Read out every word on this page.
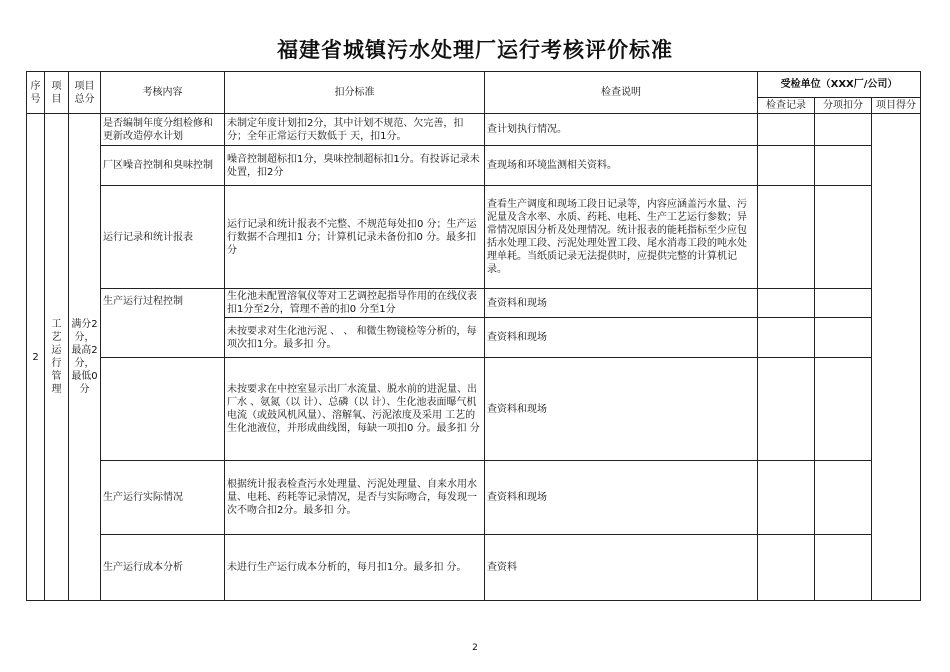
福建省城镇污水处理厂运行考核评价标准
序号	项目	项目总分	考核内容	扣分标准	检查说明	受检单位（XXX厂/公司）		
						检查记录	分项扣分	项目得分
2	工艺运行管理	满分2分，最高2分，最低0分	是否编制年度分组检修和更新改造停水计划	未制定年度计划扣2分，其中计划不规范、欠完善，扣分；全年正常运行天数低于 天，扣1分。	查计划执行情况。			
			厂区噪音控制和臭味控制	噪音控制超标扣1分，臭味控制超标扣1分。有投诉记录未处置，扣2分	查现场和环境监测相关资料。			
			运行记录和统计报表	运行记录和统计报表不完整、不规范每处扣0 分；生产运行数据不合理扣1 分；计算机记录未备份扣0 分。最多扣 分	查看生产调度和现场工段日记录等，内容应涵盖污水量、污泥量及含水率、水质、药耗、电耗、生产工艺运行参数；异常情况原因分析及处理情况。统计报表的能耗指标至少应包括水处理工段、污泥处理处置工段、尾水消毒工段的吨水处理单耗。当纸质记录无法提供时，应提供完整的计算机记录。			
			生产运行过程控制	生化池未配置溶氧仪等对工艺调控起指导作用的在线仪表扣1分至2分，管理不善的扣0 分至1分	查资料和现场			
				未按要求对生化池污泥 、 、 和微生物镜检等分析的，每项次扣1分。最多扣 分。	查资料和现场			
				未按要求在中控室显示出厂水流量、脱水前的进泥量、出厂水 、氨氮（以 计）、总磷（以 计）、生化池表面曝气机电流（或鼓风机风量）、溶解氧、污泥浓度及采用 工艺的生化池液位，并形成曲线图，每缺一项扣0 分。最多扣 分	查资料和现场			
			生产运行实际情况	根据统计报表检查污水处理量、污泥处理量、自来水用水量、电耗、药耗等记录情况，是否与实际吻合，每发现一次不吻合扣2分。最多扣 分。	查资料和现场			
			生产运行成本分析	未进行生产运行成本分析的，每月扣1分。最多扣 分。	查资料			
2
